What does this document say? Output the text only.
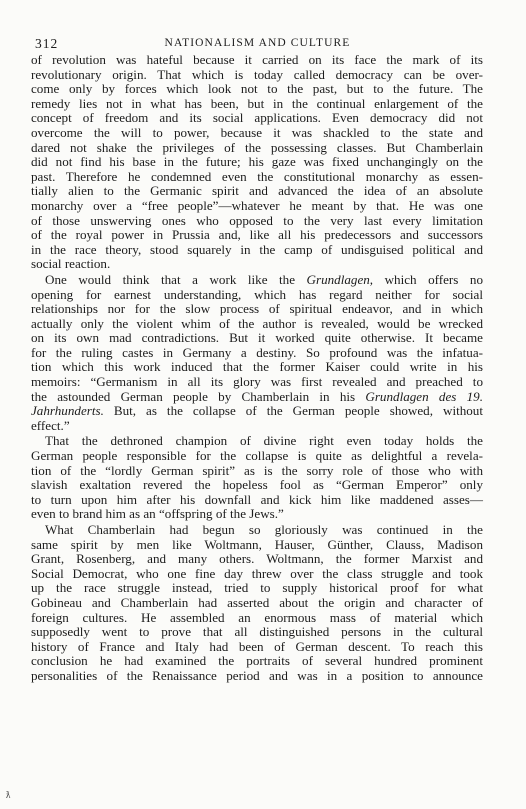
312	NATIONALISM AND CULTURE
of revolution was hateful because it carried on its face the mark of its
revolutionary origin. That which is today called democracy can be over-
come only by forces which look not to the past, but to the future. The
remedy lies not in what has been, but in the continual enlargement of the
concept of freedom and its social applications. Even democracy did not
overcome the will to power, because it was shackled to the state and
dared not shake the privileges of the possessing classes. But Chamberlain
did not find his base in the future; his gaze was fixed unchangingly on the
past. Therefore he condemned even the constitutional monarchy as essen-
tially alien to the Germanic spirit and advanced the idea of an absolute
monarchy over a “free people”—whatever he meant by that. He was one
of those unswerving ones who opposed to the very last every limitation
of the royal power in Prussia and, like all his predecessors and successors
in the race theory, stood squarely in the camp of undisguised political and
social reaction.
One would think that a work like the Grundlagen, which offers no
opening for earnest understanding, which has regard neither for social
relationships nor for the slow process of spiritual endeavor, and in which
actually only the violent whim of the author is revealed, would be wrecked
on its own mad contradictions. But it worked quite otherwise. It became
for the ruling castes in Germany a destiny. So profound was the infatua-
tion which this work induced that the former Kaiser could write in his
memoirs: “Germanism in all its glory was first revealed and preached to
the astounded German people by Chamberlain in his Grundlagen des 19.
Jahrhunderts. But, as the collapse of the German people showed, without
effect.”
That the dethroned champion of divine right even today holds the
German people responsible for the collapse is quite as delightful a revela-
tion of the “lordly German spirit” as is the sorry role of those who with
slavish exaltation revered the hopeless fool as “German Emperor” only
to turn upon him after his downfall and kick him like maddened asses—
even to brand him as an “offspring of the Jews.”
What Chamberlain had begun so gloriously was continued in the
same spirit by men like Woltmann, Hauser, Günther, Clauss, Madison
Grant, Rosenberg, and many others. Woltmann, the former Marxist and
Social Democrat, who one fine day threw over the class struggle and took
up the race struggle instead, tried to supply historical proof for what
Gobineau and Chamberlain had asserted about the origin and character of
foreign cultures. He assembled an enormous mass of material which
supposedly went to prove that all distinguished persons in the cultural
history of France and Italy had been of German descent. To reach this
conclusion he had examined the portraits of several hundred prominent
personalities of the Renaissance period and was in a position to announce
ƛ
